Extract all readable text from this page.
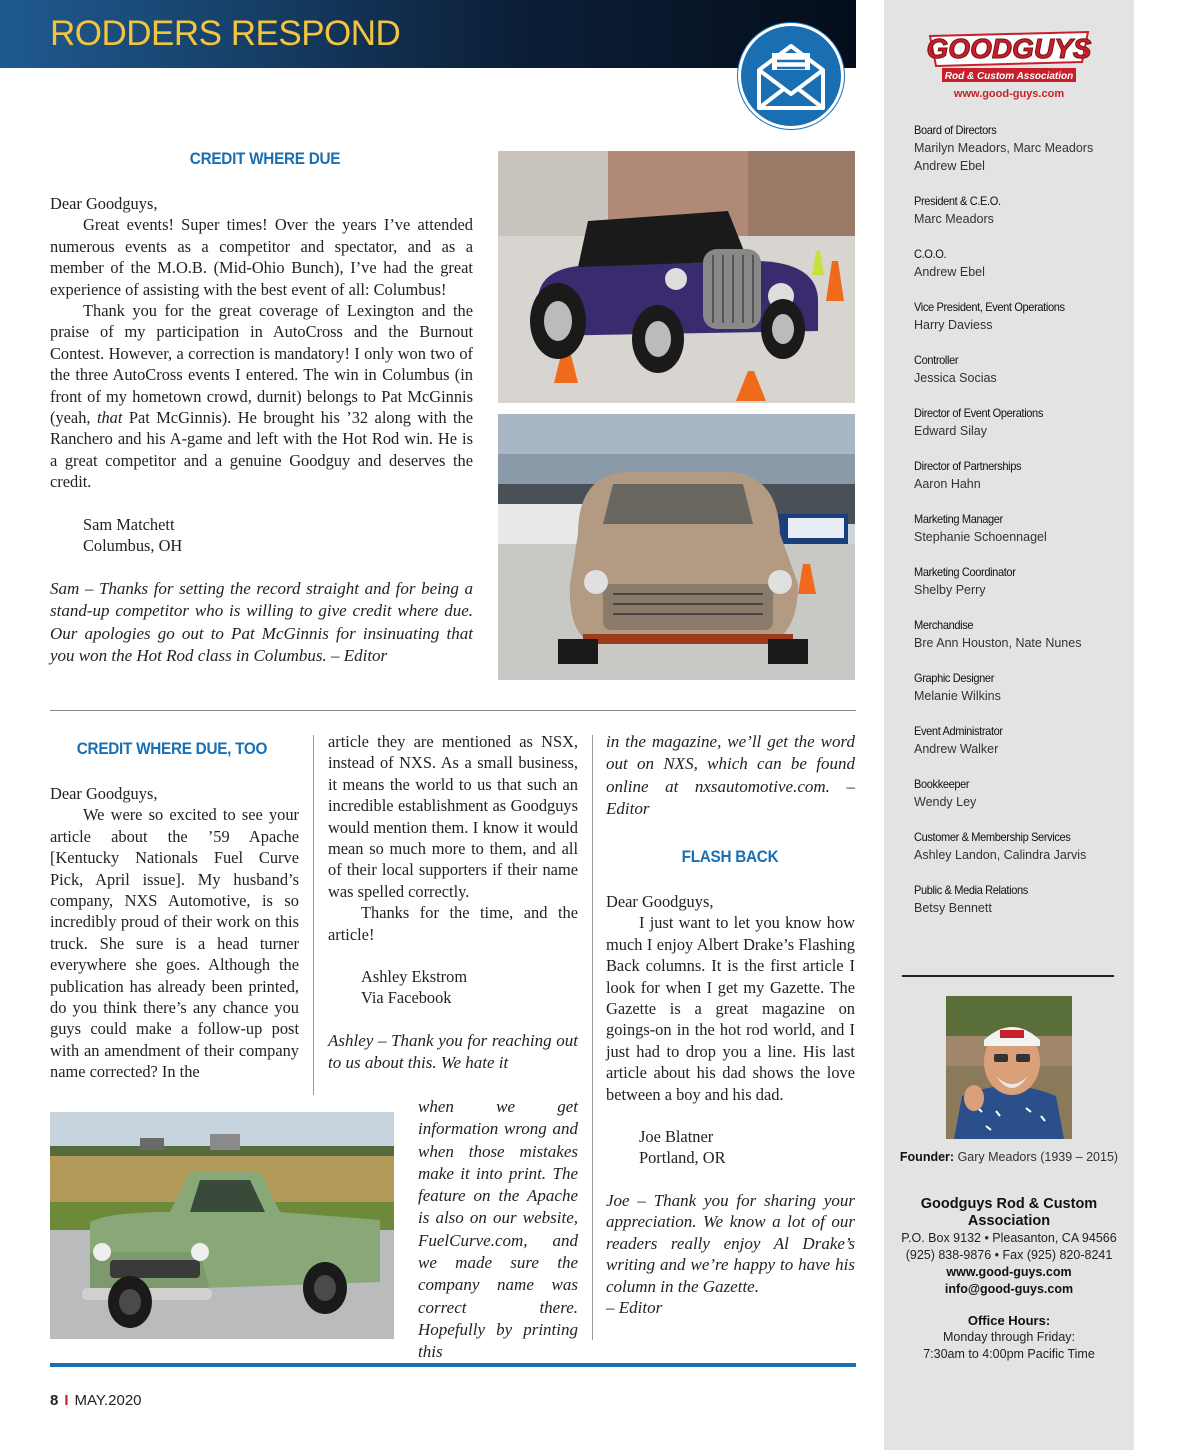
RODDERS RESPOND	GOODGUYS
Rod & Custom Association
www.good-guys.com
Board of Directors
Marilyn Meadors, Marc Meadors
Andrew Ebel
President & C.E.O.
Marc Meadors
C.O.O.
Andrew Ebel
Vice President, Event Operations
Harry Daviess
Controller
Jessica Socias
Director of Event Operations
Edward Silay
Director of Partnerships
Aaron Hahn
Marketing Manager
Stephanie Schoennagel
Marketing Coordinator
Shelby Perry
Merchandise
Bre Ann Houston, Nate Nunes
Graphic Designer
Melanie Wilkins
Event Administrator
Andrew Walker
Bookkeeper
Wendy Ley
Customer & Membership Services
Ashley Landon, Calindra Jarvis
Public & Media Relations
Betsy Bennett
Founder: Gary Meadors (1939 – 2015)
Goodguys Rod & Custom Association
P.O. Box 9132 • Pleasanton, CA 94566
(925) 838-9876 • Fax (925) 820-8241
www.good-guys.com
info@good-guys.com
Office Hours:
Monday through Friday:
7:30am to 4:00pm Pacific Time
CREDIT WHERE DUE

Dear Goodguys,

Great events! Super times! Over the years I’ve attended numerous events as a competitor and spectator, and as a member of the M.O.B. (Mid-Ohio Bunch), I’ve had the great experience of assisting with the best event of all: Columbus!

Thank you for the great coverage of Lexington and the praise of my participation in AutoCross and the Burnout Contest. However, a correction is mandatory! I only won two of the three AutoCross events I entered. The win in Columbus (in front of my hometown crowd, durnit) belongs to Pat McGinnis (yeah, that Pat McGinnis). He brought his ’32 along with the Ranchero and his A-game and left with the Hot Rod win. He is a great competitor and a genuine Goodguy and deserves the credit.

Sam Matchett

Columbus, OH

Sam – Thanks for setting the record straight and for being a stand-up competitor who is willing to give credit where due. Our apologies go out to Pat McGinnis for insinuating that you won the Hot Rod class in Columbus. – Editor

CREDIT WHERE DUE, TOO

Dear Goodguys,

We were so excited to see your article about the ’59 Apache [Kentucky Nationals Fuel Curve Pick, April issue]. My husband’s company, NXS Automotive, is so incredibly proud of their work on this truck. She sure is a head turner everywhere she goes. Although the publication has already been printed, do you think there’s any chance you guys could make a follow-up post with an amendment of their company name corrected? In the

article they are mentioned as NSX, instead of NXS. As a small business, it means the world to us that such an incredible establishment as Goodguys would mention them. I know it would mean so much more to them, and all of their local supporters if their name was spelled correctly.

Thanks for the time, and the article!

Ashley Ekstrom

Via Facebook

Ashley – Thank you for reaching out to us about this. We hate it

when we get information wrong and when those mistakes make it into print. The feature on the Apache is also on our website, FuelCurve.com, and we made sure the company name was correct there. Hopefully by printing this
in the magazine, we’ll get the word out on NXS, which can be found online at nxsautomotive.com. – Editor
FLASH BACK

Dear Goodguys,

I just want to let you know how much I enjoy Albert Drake’s Flashing Back columns. It is the first article I look for when I get my Gazette. The Gazette is a great magazine on goings-on in the hot rod world, and I just had to drop you a line. His last article about his dad shows the love between a boy and his dad.

Joe Blatner

Portland, OR

Joe – Thank you for sharing your appreciation. We know a lot of our readers really enjoy Al Drake’s writing and we’re happy to have his column in the Gazette.

– Editor

8 I MAY.2020
